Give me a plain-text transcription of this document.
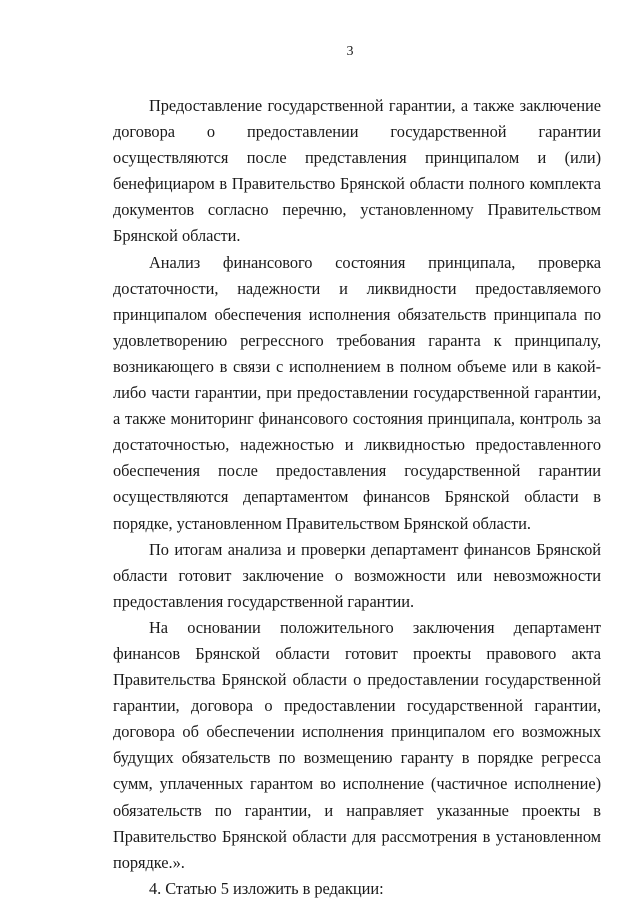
3

Предоставление государственной гарантии, а также заключение договора о предоставлении государственной гарантии осуществляются после представления принципалом и (или) бенефициаром в Правительство Брянской области полного комплекта документов согласно перечню, установленному Правительством Брянской области.

Анализ финансового состояния принципала, проверка достаточности, надежности и ликвидности предоставляемого принципалом обеспечения исполнения обязательств принципала по удовлетворению регрессного требования гаранта к принципалу, возникающего в связи с исполнением в полном объеме или в какой-либо части гарантии, при предоставлении государственной гарантии, а также мониторинг финансового состояния принципала, контроль за достаточностью, надежностью и ликвидностью предоставленного обеспечения после предоставления государственной гарантии осуществляются департаментом финансов Брянской области в порядке, установленном Правительством Брянской области.

По итогам анализа и проверки департамент финансов Брянской области готовит заключение о возможности или невозможности предоставления государственной гарантии.

На основании положительного заключения департамент финансов Брянской области готовит проекты правового акта Правительства Брянской области о предоставлении государственной гарантии, договора о предоставлении государственной гарантии, договора об обеспечении исполнения принципалом его возможных будущих обязательств по возмещению гаранту в порядке регресса сумм, уплаченных гарантом во исполнение (частичное исполнение) обязательств по гарантии, и направляет указанные проекты в Правительство Брянской области для рассмотрения в установленном порядке.».

4. Статью 5 изложить в редакции:
